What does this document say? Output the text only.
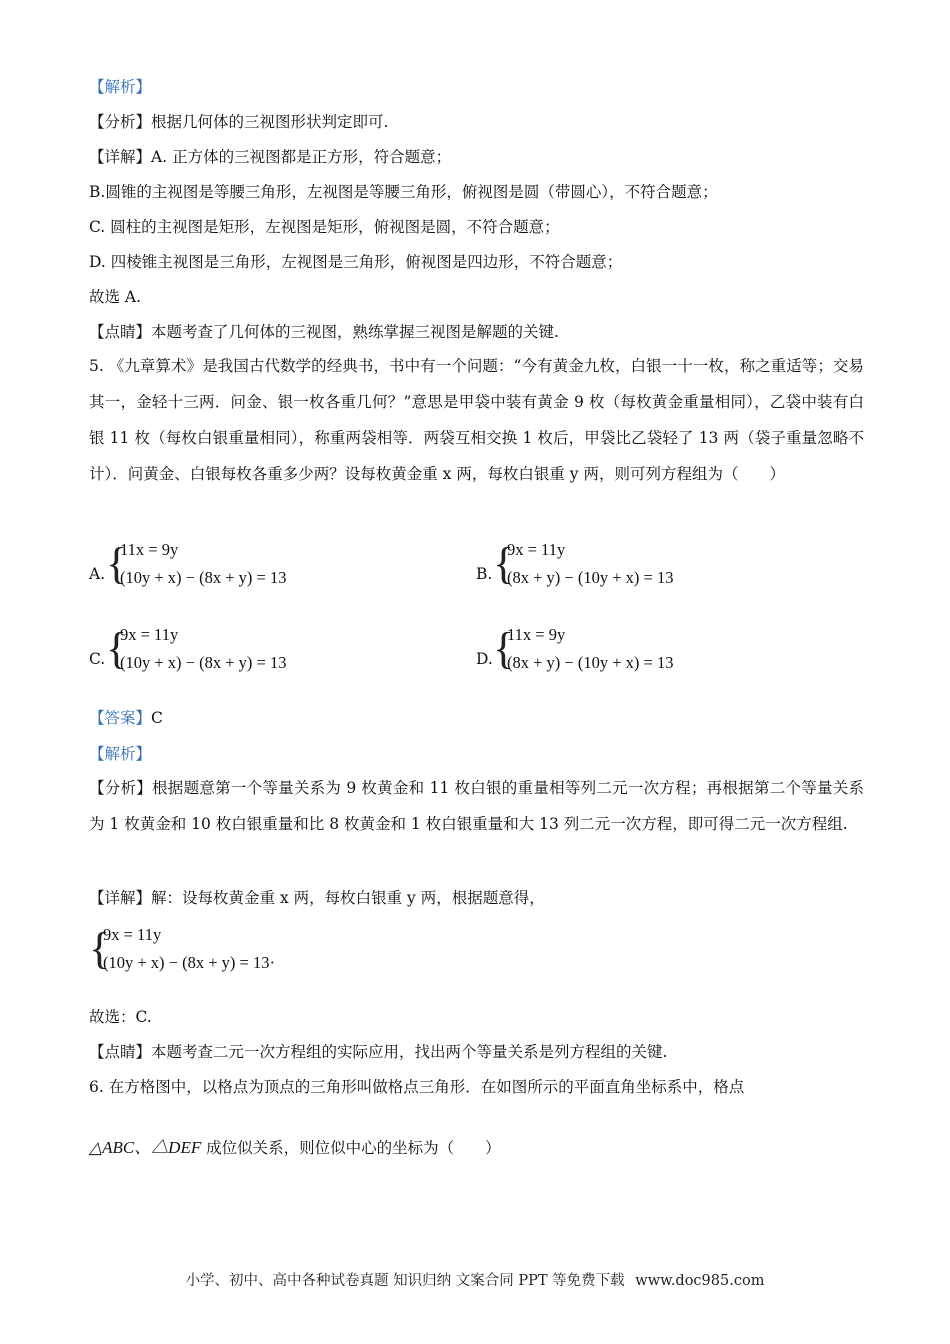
【解析】
【分析】根据几何体的三视图形状判定即可.
【详解】A. 正方体的三视图都是正方形，符合题意；
B.圆锥的主视图是等腰三角形，左视图是等腰三角形，俯视图是圆（带圆心），不符合题意；
C. 圆柱的主视图是矩形，左视图是矩形，俯视图是圆，不符合题意；
D. 四棱锥主视图是三角形，左视图是三角形，俯视图是四边形，不符合题意；
故选 A.
【点睛】本题考查了几何体的三视图，熟练掌握三视图是解题的关键.
5. 《九章算术》是我国古代数学的经典书，书中有一个问题：“今有黄金九枚，白银一十一枚，称之重适等；交易其一，金轻十三两．问金、银一枚各重几何？”意思是甲袋中装有黄金 9 枚（每枚黄金重量相同），乙袋中装有白银 11 枚（每枚白银重量相同），称重两袋相等．两袋互相交换 1 枚后，甲袋比乙袋轻了 13 两（袋子重量忽略不计）．问黄金、白银每枚各重多少两？设每枚黄金重 x 两，每枚白银重 y 两，则可列方程组为（　　）
A. {
11x = 9y
(10y + x) − (8x + y) = 13	B. {
9x = 11y
(8x + y) − (10y + x) = 13
C. {
9x = 11y
(10y + x) − (8x + y) = 13	D. {
11x = 9y
(8x + y) − (10y + x) = 13
【答案】C
【解析】
【分析】根据题意第一个等量关系为 9 枚黄金和 11 枚白银的重量相等列二元一次方程；再根据第二个等量关系为 1 枚黄金和 10 枚白银重量和比 8 枚黄金和 1 枚白银重量和大 13 列二元一次方程，即可得二元一次方程组.
【详解】解：设每枚黄金重 x 两，每枚白银重 y 两，根据题意得，
{
9x = 11y
(10y + x) − (8x + y) = 13·
故选：C.
【点睛】本题考查二元一次方程组的实际应用，找出两个等量关系是列方程组的关键.
6. 在方格图中，以格点为顶点的三角形叫做格点三角形．在如图所示的平面直角坐标系中，格点
△ABC、△DEF 成位似关系，则位似中心的坐标为（　　）
小学、初中、高中各种试卷真题 知识归纳 文案合同 PPT 等免费下载 www.doc985.com
